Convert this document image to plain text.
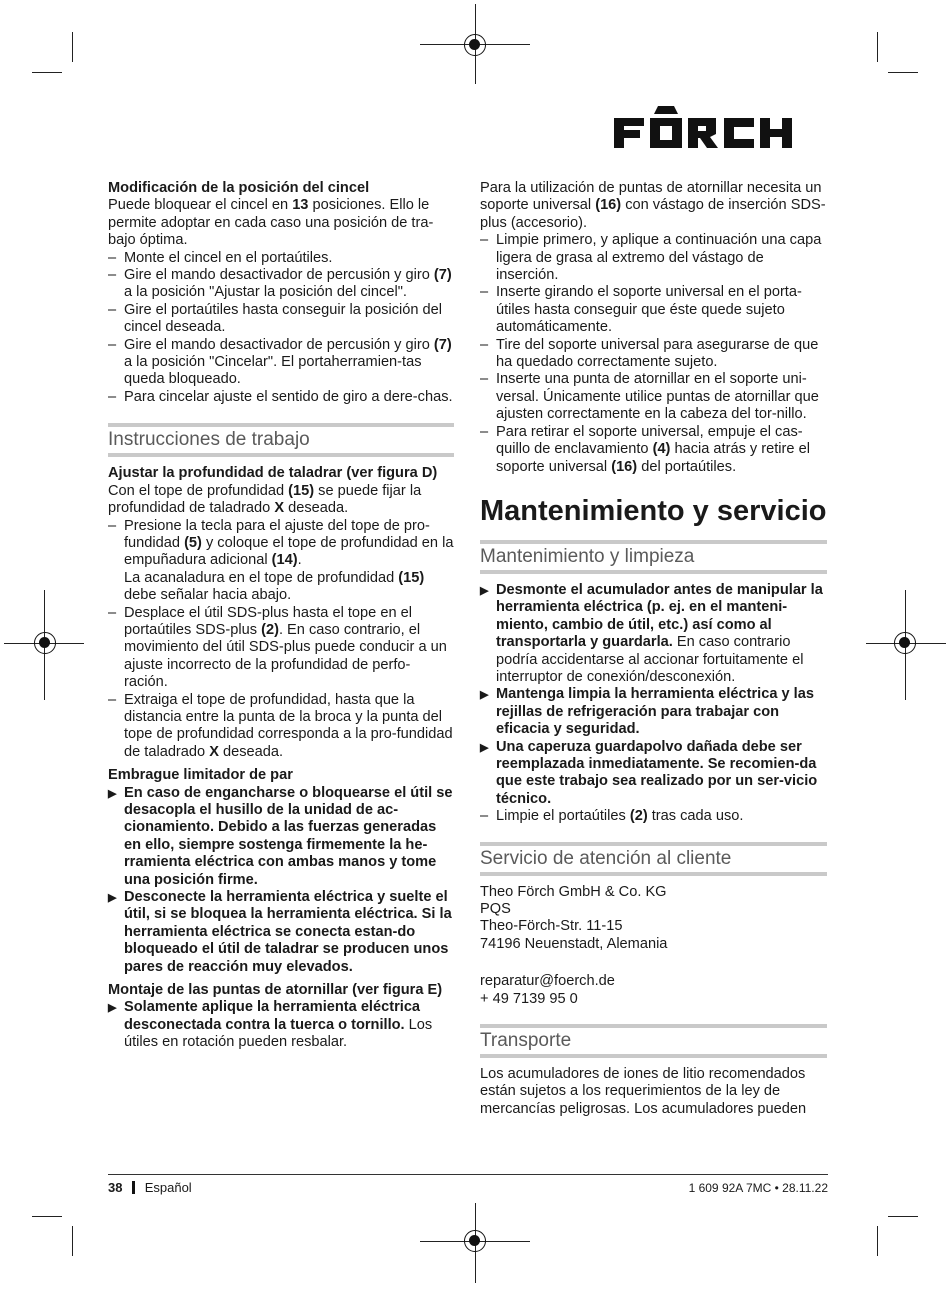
Modificación de la posición del cincel

Puede bloquear el cincel en 13 posiciones. Ello le permite adoptar en cada caso una posición de tra-bajo óptima.

– Monte el cincel en el portaútiles.

– Gire el mando desactivador de percusión y giro (7) a la posición "Ajustar la posición del cincel".

– Gire el portaútiles hasta conseguir la posición del cincel deseada.

– Gire el mando desactivador de percusión y giro (7) a la posición "Cincelar". El portaherramien-tas queda bloqueado.

– Para cincelar ajuste el sentido de giro a dere-chas.

Instrucciones de trabajo

Ajustar la profundidad de taladrar (ver figura D)

Con el tope de profundidad (15) se puede fijar la profundidad de taladrado X deseada.

– Presione la tecla para el ajuste del tope de pro-fundidad (5) y coloque el tope de profundidad en la empuñadura adicional (14).
La acanaladura en el tope de profundidad (15) debe señalar hacia abajo.

– Desplace el útil SDS-plus hasta el tope en el portaútiles SDS-plus (2). En caso contrario, el movimiento del útil SDS-plus puede conducir a un ajuste incorrecto de la profundidad de perfo-ración.

– Extraiga el tope de profundidad, hasta que la distancia entre la punta de la broca y la punta del tope de profundidad corresponda a la pro-fundidad de taladrado X deseada.

Embrague limitador de par

▶ En caso de engancharse o bloquearse el útil se desacopla el husillo de la unidad de ac-cionamiento. Debido a las fuerzas generadas en ello, siempre sostenga firmemente la he-rramienta eléctrica con ambas manos y tome una posición firme.

▶ Desconecte la herramienta eléctrica y suelte el útil, si se bloquea la herramienta eléctrica. Si la herramienta eléctrica se conecta estan-do bloqueado el útil de taladrar se producen unos pares de reacción muy elevados.

Montaje de las puntas de atornillar (ver figura E)

▶ Solamente aplique la herramienta eléctrica desconectada contra la tuerca o tornillo. Los útiles en rotación pueden resbalar.

Para la utilización de puntas de atornillar necesita un soporte universal (16) con vástago de inserción SDS-plus (accesorio).

– Limpie primero, y aplique a continuación una capa ligera de grasa al extremo del vástago de inserción.

– Inserte girando el soporte universal en el porta-útiles hasta conseguir que éste quede sujeto automáticamente.

– Tire del soporte universal para asegurarse de que ha quedado correctamente sujeto.

– Inserte una punta de atornillar en el soporte uni-versal. Únicamente utilice puntas de atornillar que ajusten correctamente en la cabeza del tor-nillo.

– Para retirar el soporte universal, empuje el cas-quillo de enclavamiento (4) hacia atrás y retire el soporte universal (16) del portaútiles.

Mantenimiento y servicio

Mantenimiento y limpieza

▶ Desmonte el acumulador antes de manipular la herramienta eléctrica (p. ej. en el manteni-miento, cambio de útil, etc.) así como al transportarla y guardarla. En caso contrario podría accidentarse al accionar fortuitamente el interruptor de conexión/desconexión.

▶ Mantenga limpia la herramienta eléctrica y las rejillas de refrigeración para trabajar con eficacia y seguridad.

▶ Una caperuza guardapolvo dañada debe ser reemplazada inmediatamente. Se recomien-da que este trabajo sea realizado por un ser-vicio técnico.

– Limpie el portaútiles (2) tras cada uso.

Servicio de atención al cliente

Theo Förch GmbH & Co. KG

PQS

Theo-Förch-Str. 11-15

74196 Neuenstadt, Alemania

reparatur@foerch.de

+ 49 7139 95 0

Transporte

Los acumuladores de iones de litio recomendados están sujetos a los requerimientos de la ley de mercancías peligrosas. Los acumuladores pueden

38 Español	1 609 92A 7MC • 28.11.22
